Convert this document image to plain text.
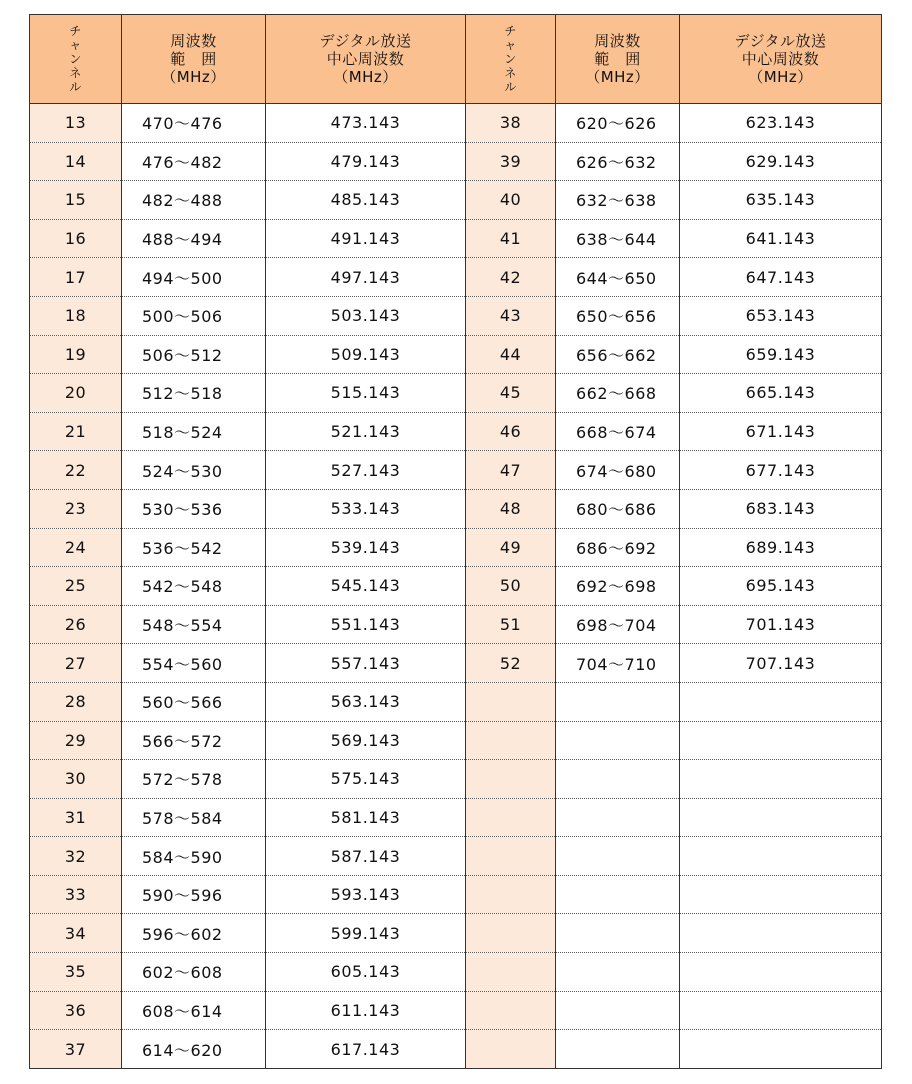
チ
ャ
ン
ネ
ル	周波数
範　囲
（MHz）	デジタル放送
中心周波数
（MHz）	チ
ャ
ン
ネ
ル	周波数
範　囲
（MHz）	デジタル放送
中心周波数
（MHz）

13	470〜476	473.143	38	620〜626	623.143
14	476〜482	479.143	39	626〜632	629.143
15	482〜488	485.143	40	632〜638	635.143
16	488〜494	491.143	41	638〜644	641.143
17	494〜500	497.143	42	644〜650	647.143
18	500〜506	503.143	43	650〜656	653.143
19	506〜512	509.143	44	656〜662	659.143
20	512〜518	515.143	45	662〜668	665.143
21	518〜524	521.143	46	668〜674	671.143
22	524〜530	527.143	47	674〜680	677.143
23	530〜536	533.143	48	680〜686	683.143
24	536〜542	539.143	49	686〜692	689.143
25	542〜548	545.143	50	692〜698	695.143
26	548〜554	551.143	51	698〜704	701.143
27	554〜560	557.143	52	704〜710	707.143
28	560〜566	563.143			
29	566〜572	569.143			
30	572〜578	575.143			
31	578〜584	581.143			
32	584〜590	587.143			
33	590〜596	593.143			
34	596〜602	599.143			
35	602〜608	605.143			
36	608〜614	611.143			
37	614〜620	617.143			
